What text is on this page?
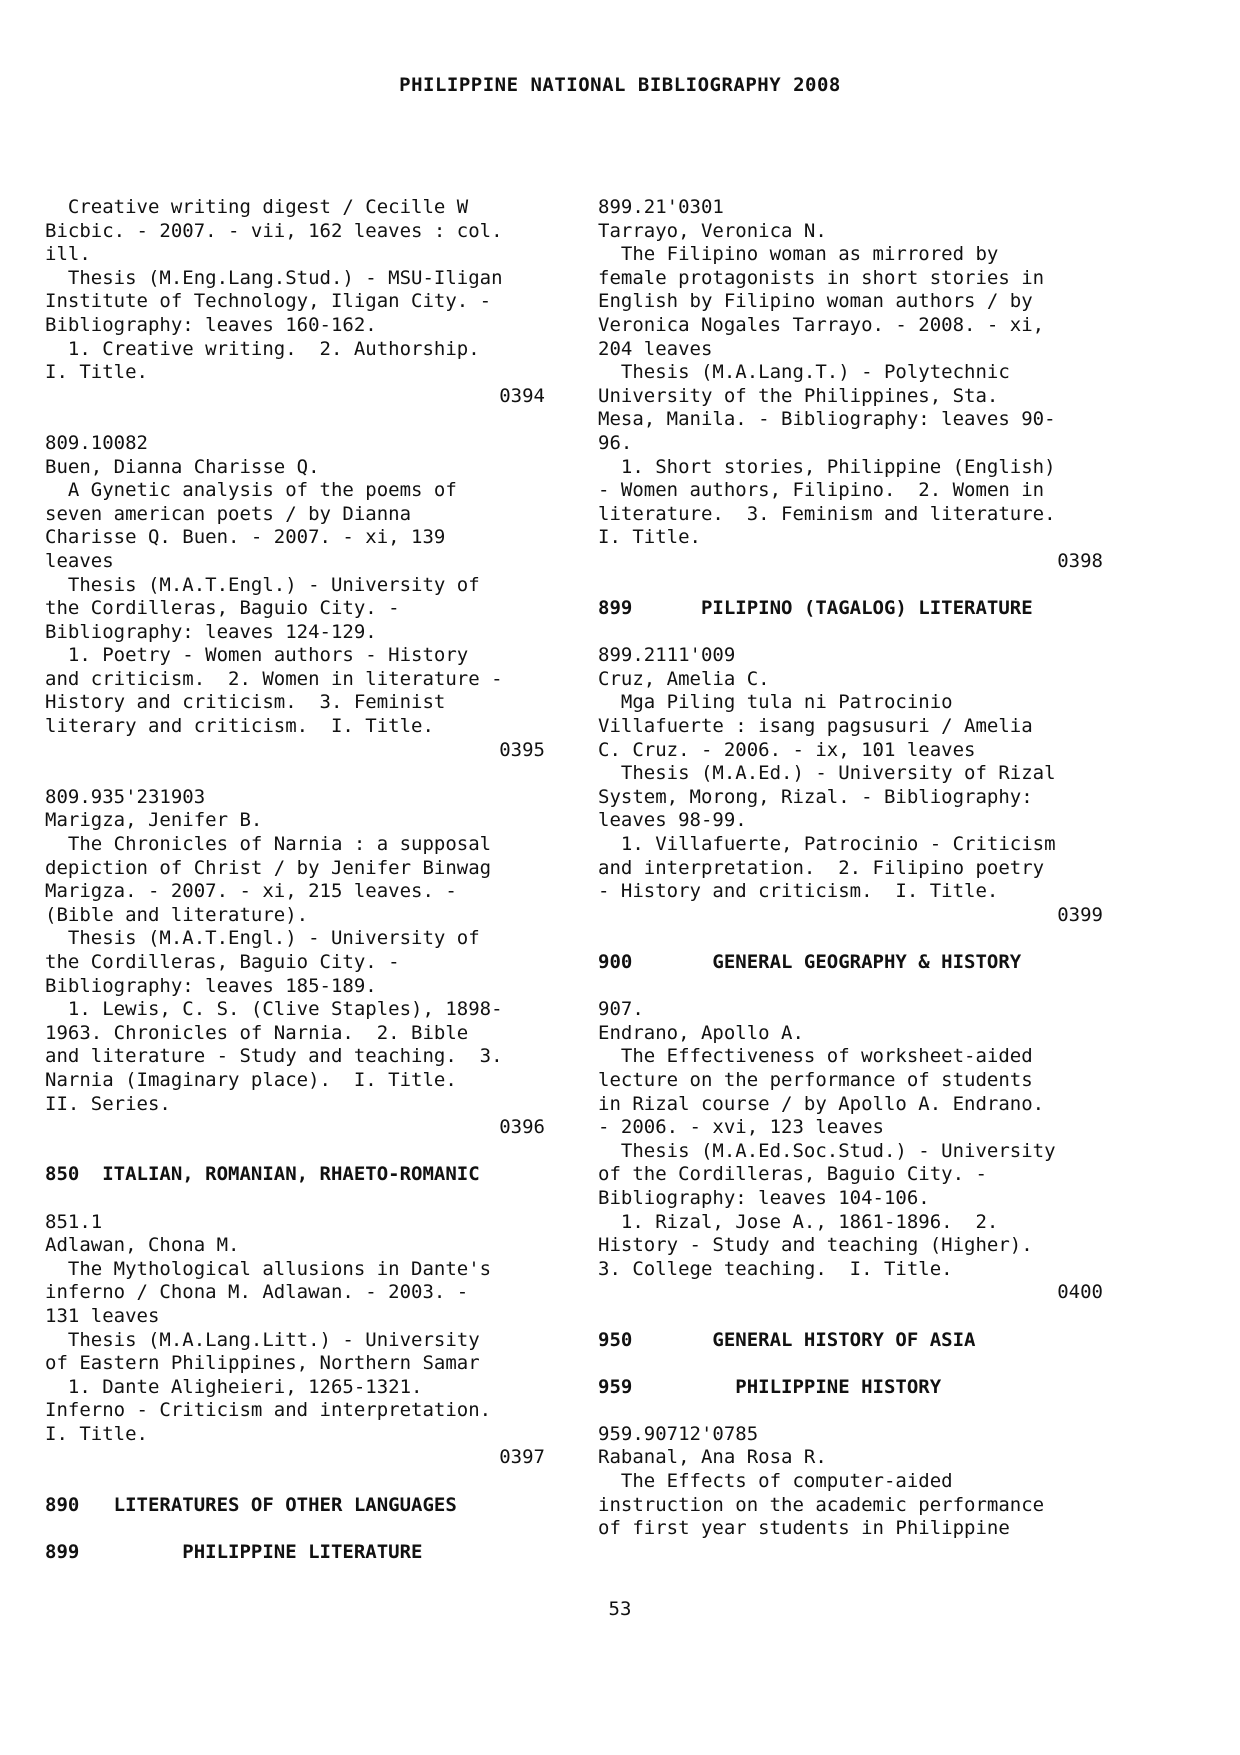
PHILIPPINE NATIONAL BIBLIOGRAPHY 2008
Creative writing digest / Cecille W
Bicbic. - 2007. - vii, 162 leaves : col.
ill.
Thesis (M.Eng.Lang.Stud.) - MSU-Iligan
Institute of Technology, Iligan City. -
Bibliography: leaves 160-162.
1. Creative writing.  2. Authorship.
I. Title.
0394
809.10082
Buen, Dianna Charisse Q.
A Gynetic analysis of the poems of
seven american poets / by Dianna
Charisse Q. Buen. - 2007. - xi, 139
leaves
Thesis (M.A.T.Engl.) - University of
the Cordilleras, Baguio City. -
Bibliography: leaves 124-129.
1. Poetry - Women authors - History
and criticism.  2. Women in literature -
History and criticism.  3. Feminist
literary and criticism.  I. Title.
0395
809.935'231903
Marigza, Jenifer B.
The Chronicles of Narnia : a supposal
depiction of Christ / by Jenifer Binwag
Marigza. - 2007. - xi, 215 leaves. -
(Bible and literature).
Thesis (M.A.T.Engl.) - University of
the Cordilleras, Baguio City. -
Bibliography: leaves 185-189.
1. Lewis, C. S. (Clive Staples), 1898-
1963. Chronicles of Narnia.  2. Bible
and literature - Study and teaching.  3.
Narnia (Imaginary place).  I. Title.
II. Series.
0396
850  ITALIAN, ROMANIAN, RHAETO-ROMANIC
851.1
Adlawan, Chona M.
The Mythological allusions in Dante's
inferno / Chona M. Adlawan. - 2003. -
131 leaves
Thesis (M.A.Lang.Litt.) - University
of Eastern Philippines, Northern Samar
1. Dante Aligheieri, 1265-1321.
Inferno - Criticism and interpretation.
I. Title.
0397
890   LITERATURES OF OTHER LANGUAGES
899         PHILIPPINE LITERATURE
899.21'0301
Tarrayo, Veronica N.
The Filipino woman as mirrored by
female protagonists in short stories in
English by Filipino woman authors / by
Veronica Nogales Tarrayo. - 2008. - xi,
204 leaves
Thesis (M.A.Lang.T.) - Polytechnic
University of the Philippines, Sta.
Mesa, Manila. - Bibliography: leaves 90-
96.
1. Short stories, Philippine (English)
- Women authors, Filipino.  2. Women in
literature.  3. Feminism and literature.
I. Title.
0398
899      PILIPINO (TAGALOG) LITERATURE
899.2111'009
Cruz, Amelia C.
Mga Piling tula ni Patrocinio
Villafuerte : isang pagsusuri / Amelia
C. Cruz. - 2006. - ix, 101 leaves
Thesis (M.A.Ed.) - University of Rizal
System, Morong, Rizal. - Bibliography:
leaves 98-99.
1. Villafuerte, Patrocinio - Criticism
and interpretation.  2. Filipino poetry
- History and criticism.  I. Title.
0399
900       GENERAL GEOGRAPHY & HISTORY
907.
Endrano, Apollo A.
The Effectiveness of worksheet-aided
lecture on the performance of students
in Rizal course / by Apollo A. Endrano.
- 2006. - xvi, 123 leaves
Thesis (M.A.Ed.Soc.Stud.) - University
of the Cordilleras, Baguio City. -
Bibliography: leaves 104-106.
1. Rizal, Jose A., 1861-1896.  2.
History - Study and teaching (Higher).
3. College teaching.  I. Title.
0400
950       GENERAL HISTORY OF ASIA
959         PHILIPPINE HISTORY
959.90712'0785
Rabanal, Ana Rosa R.
The Effects of computer-aided
instruction on the academic performance
of first year students in Philippine
53
